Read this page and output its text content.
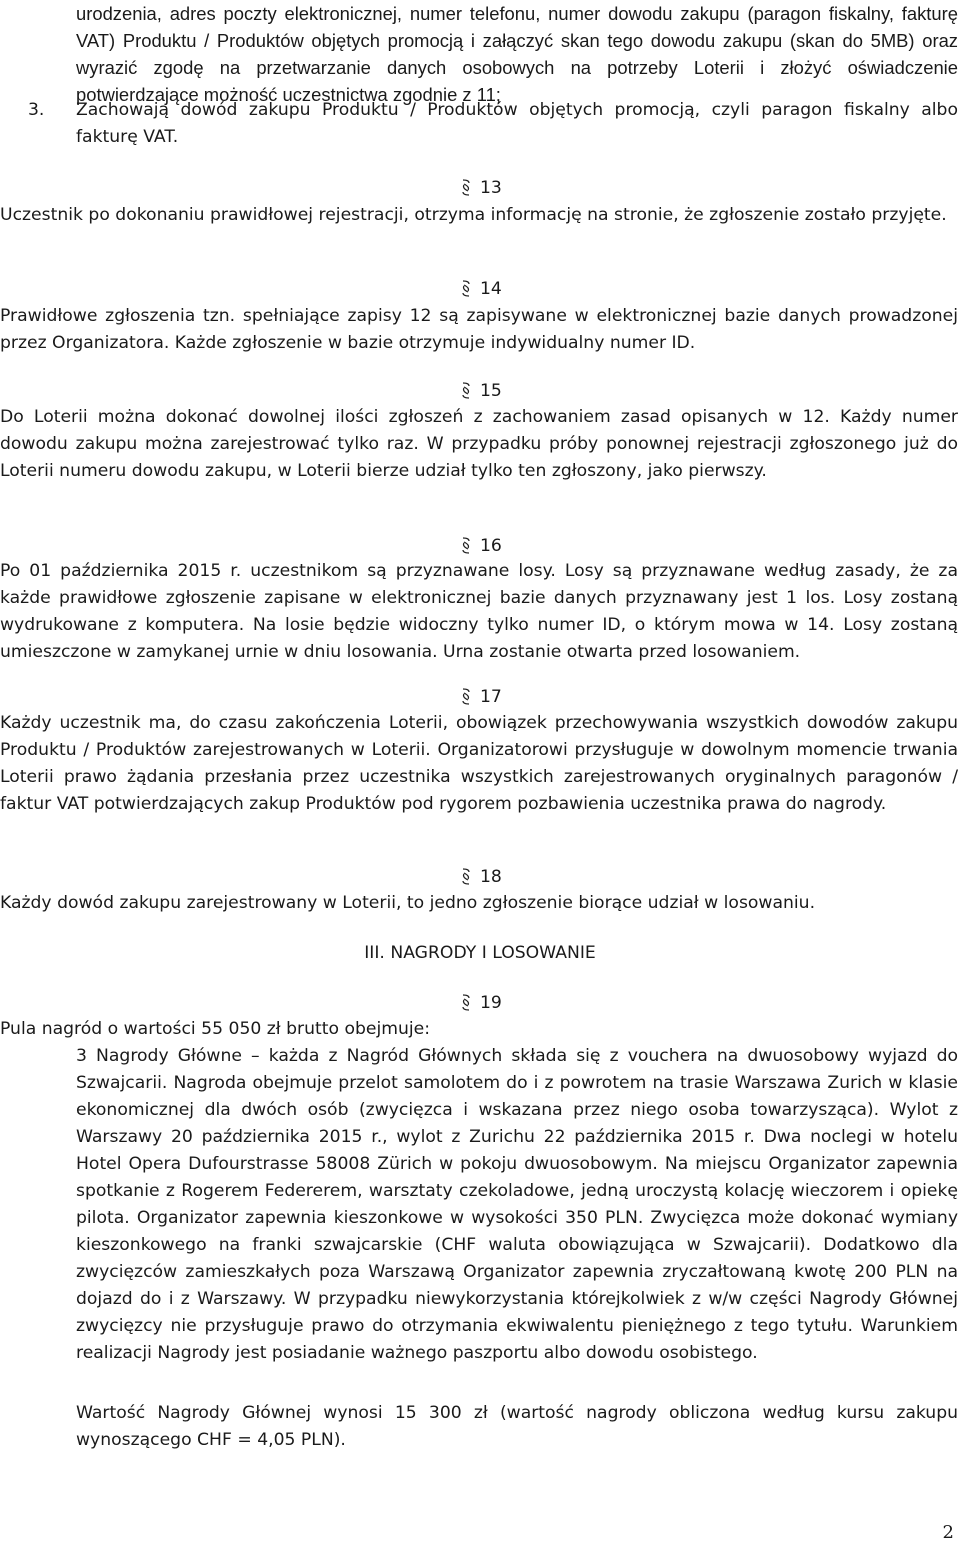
urodzenia, adres poczty elektronicznej, numer telefonu, numer dowodu zakupu (paragon fiskalny, fakturę VAT) Produktu / Produktów objętych promocją i załączyć skan tego dowodu zakupu (skan do 5MB) oraz wyrazić zgodę na przetwarzanie danych osobowych na potrzeby Loterii i złożyć oświadczenie potwierdzające możność uczestnictwa zgodnie z 11;
3. Zachowają dowód zakupu Produktu / Produktów objętych promocją, czyli paragon fiskalny albo fakturę VAT.
13
Uczestnik po dokonaniu prawidłowej rejestracji, otrzyma informację na stronie, że zgłoszenie zostało przyjęte.
14
Prawidłowe zgłoszenia tzn. spełniające zapisy 12 są zapisywane w elektronicznej bazie danych prowadzonej przez Organizatora. Każde zgłoszenie w bazie otrzymuje indywidualny numer ID.
15
Do Loterii można dokonać dowolnej ilości zgłoszeń z zachowaniem zasad opisanych w 12. Każdy numer dowodu zakupu można zarejestrować tylko raz. W przypadku próby ponownej rejestracji zgłoszonego już do Loterii numeru dowodu zakupu, w Loterii bierze udział tylko ten zgłoszony, jako pierwszy.
16
Po 01 października 2015 r. uczestnikom są przyznawane losy. Losy są przyznawane według zasady, że za każde prawidłowe zgłoszenie zapisane w elektronicznej bazie danych przyznawany jest 1 los. Losy zostaną wydrukowane z komputera. Na losie będzie widoczny tylko numer ID, o którym mowa w 14. Losy zostaną umieszczone w zamykanej urnie w dniu losowania. Urna zostanie otwarta przed losowaniem.
17
Każdy uczestnik ma, do czasu zakończenia Loterii, obowiązek przechowywania wszystkich dowodów zakupu Produktu / Produktów zarejestrowanych w Loterii. Organizatorowi przysługuje w dowolnym momencie trwania Loterii prawo żądania przesłania przez uczestnika wszystkich zarejestrowanych oryginalnych paragonów / faktur VAT potwierdzających zakup Produktów pod rygorem pozbawienia uczestnika prawa do nagrody.
18
Każdy dowód zakupu zarejestrowany w Loterii, to jedno zgłoszenie biorące udział w losowaniu.
III. NAGRODY I LOSOWANIE
19
Pula nagród o wartości 55 050 zł brutto obejmuje:
3 Nagrody Główne – każda z Nagród Głównych składa się z vouchera na dwuosobowy wyjazd do Szwajcarii. Nagroda obejmuje przelot samolotem do i z powrotem na trasie Warszawa Zurich w klasie ekonomicznej dla dwóch osób (zwycięzca i wskazana przez niego osoba towarzysząca). Wylot z Warszawy 20 października 2015 r., wylot z Zurichu 22 października 2015 r. Dwa noclegi w hotelu Hotel Opera Dufourstrasse 58008 Zürich w pokoju dwuosobowym. Na miejscu Organizator zapewnia spotkanie z Rogerem Federerem, warsztaty czekoladowe, jedną uroczystą kolację wieczorem i opiekę pilota. Organizator zapewnia kieszonkowe w wysokości 350 PLN. Zwycięzca może dokonać wymiany kieszonkowego na franki szwajcarskie (CHF waluta obowiązująca w Szwajcarii). Dodatkowo dla zwycięzców zamieszkałych poza Warszawą Organizator zapewnia zryczałtowaną kwotę 200 PLN na dojazd do i z Warszawy. W przypadku niewykorzystania którejkolwiek z w/w części Nagrody Głównej zwycięzcy nie przysługuje prawo do otrzymania ekwiwalentu pieniężnego z tego tytułu. Warunkiem realizacji Nagrody jest posiadanie ważnego paszportu albo dowodu osobistego.
Wartość Nagrody Głównej wynosi 15 300 zł (wartość nagrody obliczona według kursu zakupu wynoszącego CHF = 4,05 PLN).
2
